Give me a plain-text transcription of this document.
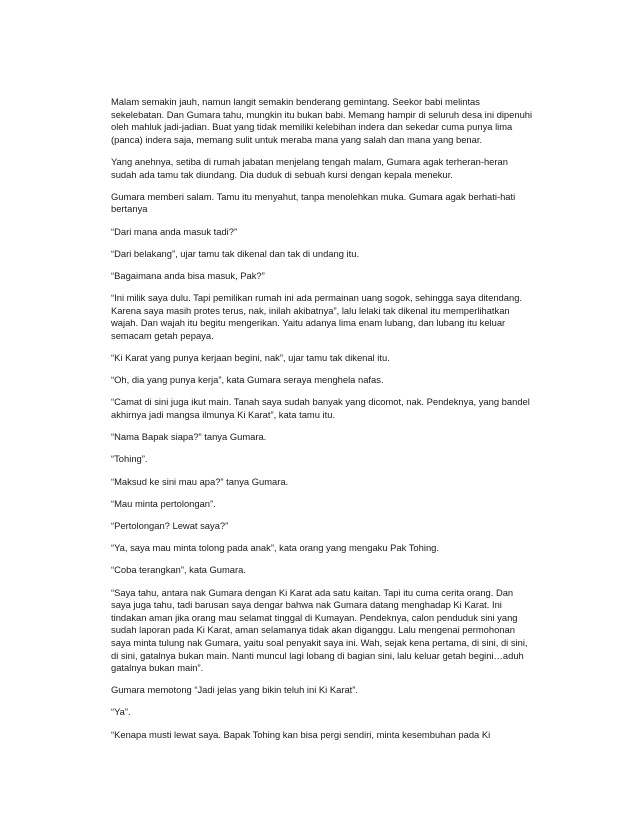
Malam semakin jauh, namun langit semakin benderang gemintang. Seekor babi melintas sekelebatan. Dan Gumara tahu, mungkin itu bukan babi. Memang hampir di seluruh desa ini dipenuhi oleh mahluk jadi-jadian. Buat yang tidak memiliki kelebihan indera dan sekedar cuma punya lima (panca) indera saja, memang sulit untuk meraba mana yang salah dan mana yang benar.

Yang anehnya, setiba di rumah jabatan menjelang tengah malam, Gumara agak terheran-heran sudah ada tamu tak diundang. Dia duduk di sebuah kursi dengan kepala menekur.

Gumara memberi salam. Tamu itu menyahut, tanpa menolehkan muka. Gumara agak berhati-hati bertanya

“Dari mana anda masuk tadi?”

“Dari belakang”, ujar tamu tak dikenal dan tak di undang itu.

“Bagaimana anda bisa masuk, Pak?”

“Ini milik saya dulu. Tapi pemilikan rumah ini ada permainan uang sogok, sehingga saya ditendang. Karena saya masih protes terus, nak, inilah akibatnya”, lalu lelaki tak dikenal itu memperlihatkan wajah. Dan wajah itu begitu mengerikan. Yaitu adanya lima enam lubang, dan lubang itu keluar semacam getah pepaya.

“Ki Karat yang punya kerjaan begini, nak”, ujar tamu tak dikenal itu.

“Oh, dia yang punya kerja”, kata Gumara seraya menghela nafas.

“Camat di sini juga ikut main. Tanah saya sudah banyak yang dicomot, nak. Pendeknya, yang bandel akhirnya jadi mangsa ilmunya Ki Karat”, kata tamu itu.

“Nama Bapak siapa?” tanya Gumara.

“Tohing”.

“Maksud ke sini mau apa?” tanya Gumara.

“Mau minta pertolongan”.

“Pertolongan? Lewat saya?”

“Ya, saya mau minta tolong pada anak”, kata orang yang mengaku Pak Tohing.

“Coba terangkan”, kata Gumara.

“Saya tahu, antara nak Gumara dengan Ki Karat ada satu kaitan. Tapi itu cuma cerita orang. Dan saya juga tahu, tadi barusan saya dengar bahwa nak Gumara datang menghadap Ki Karat. Ini tindakan aman jika orang mau selamat tinggal di Kumayan. Pendeknya, calon penduduk sini yang sudah laporan pada Ki Karat, aman selamanya tidak akan diganggu. Lalu mengenai permohonan saya minta tulung nak Gumara, yaitu soal penyakit saya ini. Wah, sejak kena pertama, di sini, di sini, di sini, gatalnya bukan main. Nanti muncul lagi lobang di bagian sini, lalu keluar getah begini…aduh gatalnya bukan main”.

Gumara memotong “Jadi jelas yang bikin teluh ini Ki Karat”.

“Ya”.

“Kenapa musti lewat saya. Bapak Tohing kan bisa pergi sendiri, minta kesembuhan pada Ki
